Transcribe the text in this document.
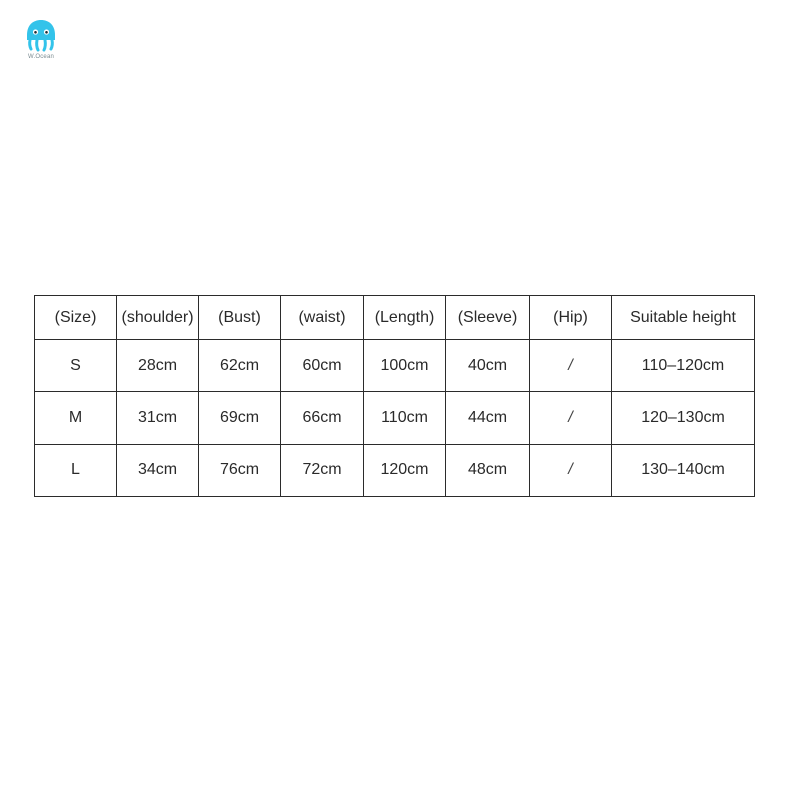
W.Ocean
(Size)	(shoulder)	(Bust)	(waist)	(Length)	(Sleeve)	(Hip)	Suitable height
S	28cm	62cm	60cm	100cm	40cm	/	110–120cm
M	31cm	69cm	66cm	110cm	44cm	/	120–130cm
L	34cm	76cm	72cm	120cm	48cm	/	130–140cm
